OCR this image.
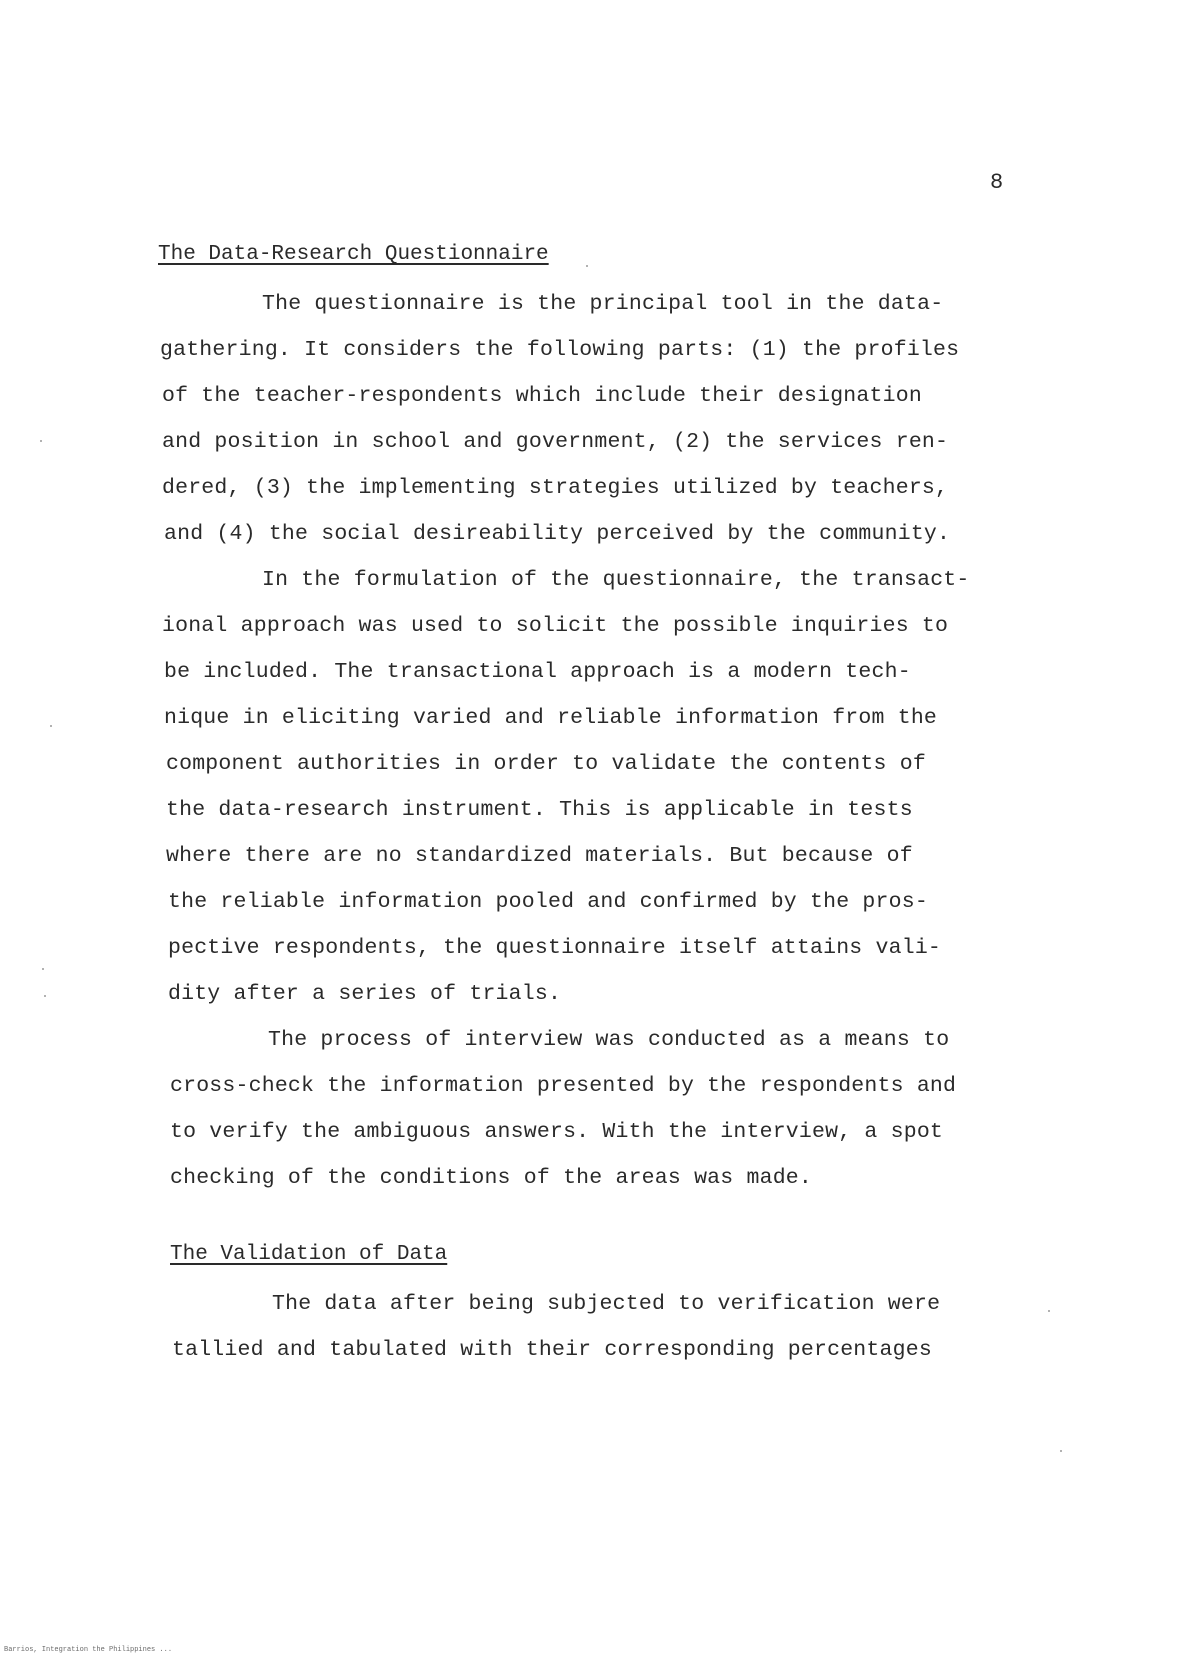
8
The Data-Research Questionnaire
The questionnaire is the principal tool in the data-
gathering. It considers the following parts: (1) the profiles
of the teacher-respondents which include their designation
and position in school and government, (2) the services ren-
dered, (3) the implementing strategies utilized by teachers,
and (4) the social desireability perceived by the community.
In the formulation of the questionnaire, the transact-
ional approach was used to solicit the possible inquiries to
be included. The transactional approach is a modern tech-
nique in eliciting varied and reliable information from the
component authorities in order to validate the contents of
the data-research instrument. This is applicable in tests
where there are no standardized materials. But because of
the reliable information pooled and confirmed by the pros-
pective respondents, the questionnaire itself attains vali-
dity after a series of trials.
The process of interview was conducted as a means to
cross-check the information presented by the respondents and
to verify the ambiguous answers. With the interview, a spot
checking of the conditions of the areas was made.
The Validation of Data
The data after being subjected to verification were
tallied and tabulated with their corresponding percentages
Barrios, Integration the Philippines ...
